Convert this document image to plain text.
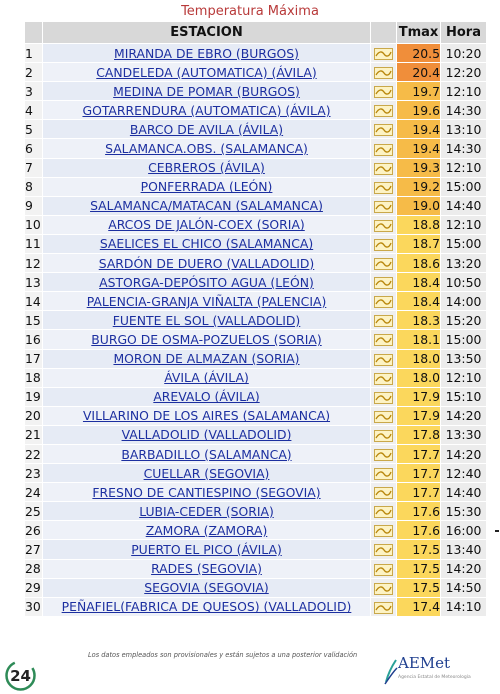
Temperatura Máxima
	ESTACION		Tmax	Hora
1	MIRANDA DE EBRO (BURGOS)		20.5	10:20
2	CANDELEDA (AUTOMATICA) (ÁVILA)		20.4	12:20
3	MEDINA DE POMAR (BURGOS)		19.7	12:10
4	GOTARRENDURA (AUTOMATICA) (ÁVILA)		19.6	14:30
5	BARCO DE AVILA (ÁVILA)		19.4	13:10
6	SALAMANCA.OBS. (SALAMANCA)		19.4	14:30
7	CEBREROS (ÁVILA)		19.3	12:10
8	PONFERRADA (LEÓN)		19.2	15:00
9	SALAMANCA/MATACAN (SALAMANCA)		19.0	14:40
10	ARCOS DE JALÓN-COEX (SORIA)		18.8	12:10
11	SAELICES EL CHICO (SALAMANCA)		18.7	15:00
12	SARDÓN DE DUERO (VALLADOLID)		18.6	13:20
13	ASTORGA-DEPÓSITO AGUA (LEÓN)		18.4	10:50
14	PALENCIA-GRANJA VIÑALTA (PALENCIA)		18.4	14:00
15	FUENTE EL SOL (VALLADOLID)		18.3	15:20
16	BURGO DE OSMA-POZUELOS (SORIA)		18.1	15:00
17	MORON DE ALMAZAN (SORIA)		18.0	13:50
18	ÁVILA (ÁVILA)		18.0	12:10
19	AREVALO (ÁVILA)		17.9	15:10
20	VILLARINO DE LOS AIRES (SALAMANCA)		17.9	14:20
21	VALLADOLID (VALLADOLID)		17.8	13:30
22	BARBADILLO (SALAMANCA)		17.7	14:20
23	CUELLAR (SEGOVIA)		17.7	12:40
24	FRESNO DE CANTIESPINO (SEGOVIA)		17.7	14:40
25	LUBIA-CEDER (SORIA)		17.6	15:30
26	ZAMORA (ZAMORA)		17.6	16:00
27	PUERTO EL PICO (ÁVILA)		17.5	13:40
28	RADES (SEGOVIA)		17.5	14:20
29	SEGOVIA (SEGOVIA)		17.5	14:50
30	PEÑAFIEL(FABRICA DE QUESOS) (VALLADOLID)		17.4	14:10
24
Los datos empleados son provisionales y están sujetos a una posterior validación	AEMet
Agencia Estatal de Meteorología
